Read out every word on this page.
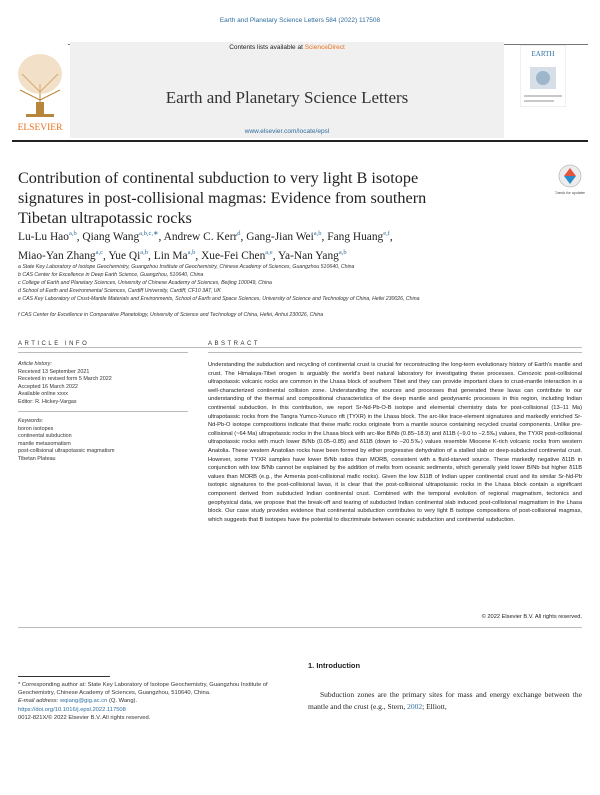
Earth and Planetary Science Letters 584 (2022) 117508
Contents lists available at ScienceDirect
ELSEVIER
Earth and Planetary Science Letters
www.elsevier.com/locate/epsl
EARTH
Contribution of continental subduction to very light B isotope signatures in post-collisional magmas: Evidence from southern Tibetan ultrapotassic rocks
Check for updates
Lu-Lu Hao$^{a,b}$, Qiang Wang$^{a,b,c,∗}$, Andrew C. Kerr$^d$, Gang-Jian Wei$^{a,b}$, Fang Huang$^{e,f}$,
Miao-Yan Zhang$^{a,c}$, Yue Qi$^{a,b}$, Lin Ma$^{a,b}$, Xue-Fei Chen$^{a,e}$, Ya-Nan Yang$^{a,b}$
a State Key Laboratory of Isotope Geochemistry, Guangzhou Institute of Geochemistry, Chinese Academy of Sciences, Guangzhou 510640, China
b CAS Center for Excellence in Deep Earth Science, Guangzhou, 510640, China
c College of Earth and Planetary Sciences, University of Chinese Academy of Sciences, Beijing 100049, China
d School of Earth and Environmental Sciences, Cardiff University, Cardiff, CF10 3AT, UK
e CAS Key Laboratory of Crust-Mantle Materials and Environments, School of Earth and Space Sciences, University of Science and Technology of China, Hefei 230026, China
f CAS Center for Excellence in Comparative Planetology, University of Science and Technology of China, Hefei, Anhui 230026, China
ARTICLE INFO
Article history:
Received 13 September 2021
Received in revised form 5 March 2022
Accepted 16 March 2022
Available online xxxx
Editor: R. Hickey-Vargas
Keywords:
boron isotopes
continental subduction
mantle metasomatism
post-collisional ultrapotassic magmatism
Tibetan Plateau
ABSTRACT
Understanding the subduction and recycling of continental crust is crucial for reconstructing the long-term evolutionary history of Earth's mantle and crust. The Himalaya-Tibet orogen is arguably the world's best natural laboratory for investigating these processes. Cenozoic post-collisional ultrapotassic volcanic rocks are common in the Lhasa block of southern Tibet and they can provide important clues to crust-mantle interaction in a well-characterized continental collision zone. Understanding the sources and processes that generated these lavas can contribute to our understanding of the thermal and compositional characteristics of the deep mantle and geodynamic processes in this region, including Indian continental subduction. In this contribution, we report Sr-Nd-Pb-O-B isotope and elemental chemistry data for post-collisional (13–11 Ma) ultrapotassic rocks from the Tangra Yumco-Xuruco rift (TYXR) in the Lhasa block. The arc-like trace-element signatures and markedly enriched Sr-Nd-Pb-O isotope compositions indicate that these mafic rocks originate from a mantle source containing recycled crustal components. Unlike pre-collisional (~64 Ma) ultrapotassic rocks in the Lhasa block with arc-like B/Nb (0.85–18.9) and δ11B (−9.0 to −2.5‰) values, the TYXR post-collisional ultrapotassic rocks with much lower B/Nb (0.05–0.85) and δ11B (down to −20.5‰) values resemble Miocene K-rich volcanic rocks from western Anatolia. These western Anatolian rocks have been formed by either progressive dehydration of a stalled slab or deep-subducted continental crust. However, some TYXR samples have lower B/Nb ratios than MORB, consistent with a fluid-starved source. These markedly negative δ11B in conjunction with low B/Nb cannot be explained by the addition of melts from oceanic sediments, which generally yield lower B/Nb but higher δ11B values than MORB (e.g., the Armenia post-collisional mafic rocks). Given the low δ11B of Indian upper continental crust and its similar Sr-Nd-Pb isotopic signatures to the post-collisional lavas, it is clear that the post-collisional ultrapotassic rocks in the Lhasa block contain a significant component derived from subducted Indian continental crust. Combined with the temporal evolution of regional magmatism, tectonics and geophysical data, we propose that the break-off and tearing of subducted Indian continental slab induced post-collisional magmatism in the Lhasa block. Our case study provides evidence that continental subduction contributes to very light B isotope compositions of post-collisional magmas, which suggests that B isotopes have the potential to discriminate between oceanic subduction and continental subduction.
© 2022 Elsevier B.V. All rights reserved.
* Corresponding author at: State Key Laboratory of Isotope Geochemistry, Guangzhou Institute of Geochemistry, Chinese Academy of Sciences, Guangzhou, 510640, China.
E-mail address: wqiang@gig.ac.cn (Q. Wang).
https://doi.org/10.1016/j.epsl.2022.117508
0012-821X/© 2022 Elsevier B.V. All rights reserved.
1. Introduction
Subduction zones are the primary sites for mass and energy exchange between the mantle and the crust (e.g., Stern, 2002; Elliott,
